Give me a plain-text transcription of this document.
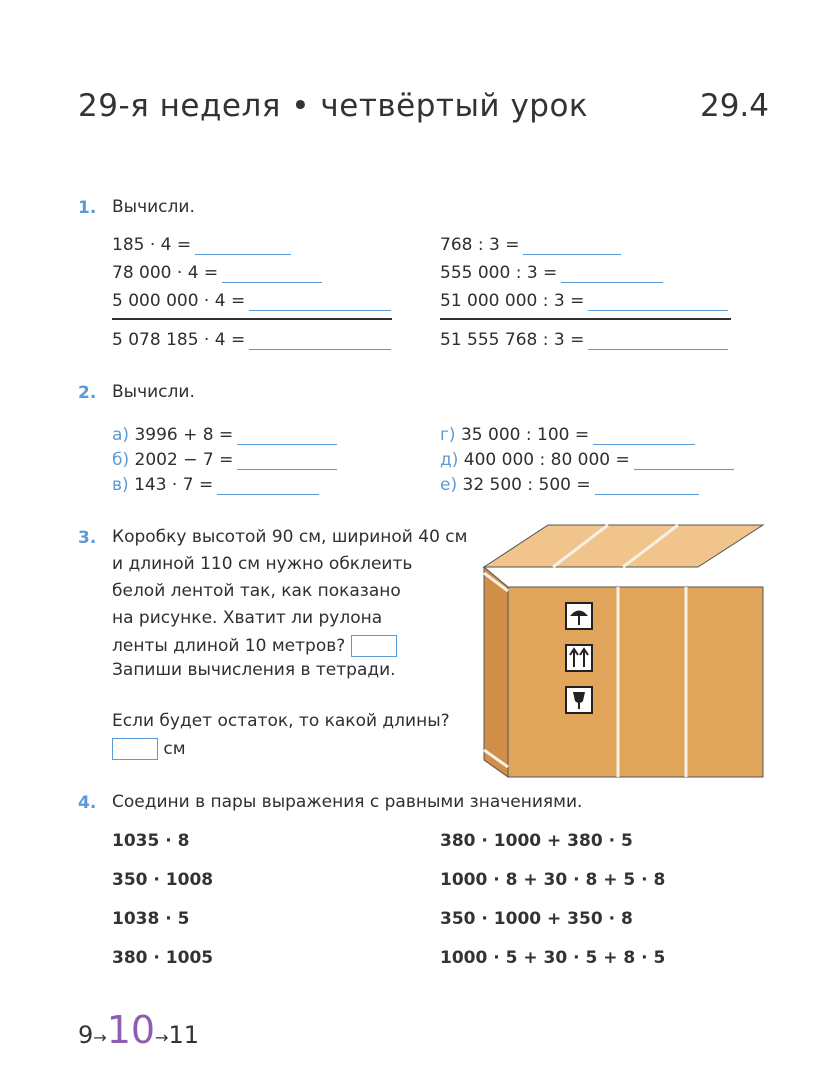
29-я неделя • четвёртый урок	29.4
1. Вычисли.
185 · 4 =
78 000 · 4 =
5 000 000 · 4 =
5 078 185 · 4 =
768 : 3 =
555 000 : 3 =
51 000 000 : 3 =
51 555 768 : 3 =
2. Вычисли.
а) 3996 + 8 =
б) 2002 − 7 =
в) 143 · 7 =
г) 35 000 : 100 =
д) 400 000 : 80 000 =
е) 32 500 : 500 =
3. Коробку высотой 90 см, шириной 40 см
и длиной 110 см нужно обклеить
белой лентой так, как показано
на рисунке. Хватит ли рулона
ленты длиной 10 метров?
Запиши вычисления в тетради.
Если будет остаток, то какой длины?
см
4. Соедини в пары выражения с равными значениями.
1035 · 8
350 · 1008
1038 · 5
380 · 1005
380 · 1000 + 380 · 5
1000 · 8 + 30 · 8 + 5 · 8
350 · 1000 + 350 · 8
1000 · 5 + 30 · 5 + 8 · 5
9→10→11
